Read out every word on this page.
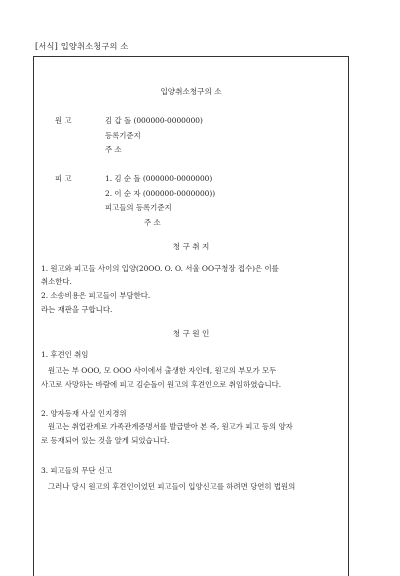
[서식] 입양취소청구의 소
입양취소청구의 소
원 고	김 갑 돌 (000000-0000000)
등록기준지
주 소
피 고	1. 김 순 돌 (000000-0000000)
2. 이 순 자 (000000-0000000))
피고들의 등록기준지
주 소
청 구 취 지
1. 원고와 피고들 사이의 입양(20OO. O. O. 서울 OO구청장 접수)은 이를
취소한다.
2. 소송비용은 피고들이 부담한다.
라는 재판을 구합니다.
청 구 원 인
1. 후견인 취임
원고는 부 OOO, 모 OOO 사이에서 출생한 자인데, 원고의 부모가 모두
사고로 사망하는 바람에 피고 김순돌이 원고의 후견인으로 취임하였습니다.
2. 양자등재 사실 인지경위
원고는 취업관계로 가족관계증명서를 발급받아 본 즉, 원고가 피고 등의 양자
로 등재되어 있는 것을 알게 되었습니다.
3. 피고들의 무단 신고
그러나 당시 원고의 후견인이었던 피고들이 입양신고를 하려면 당연히 법원의
